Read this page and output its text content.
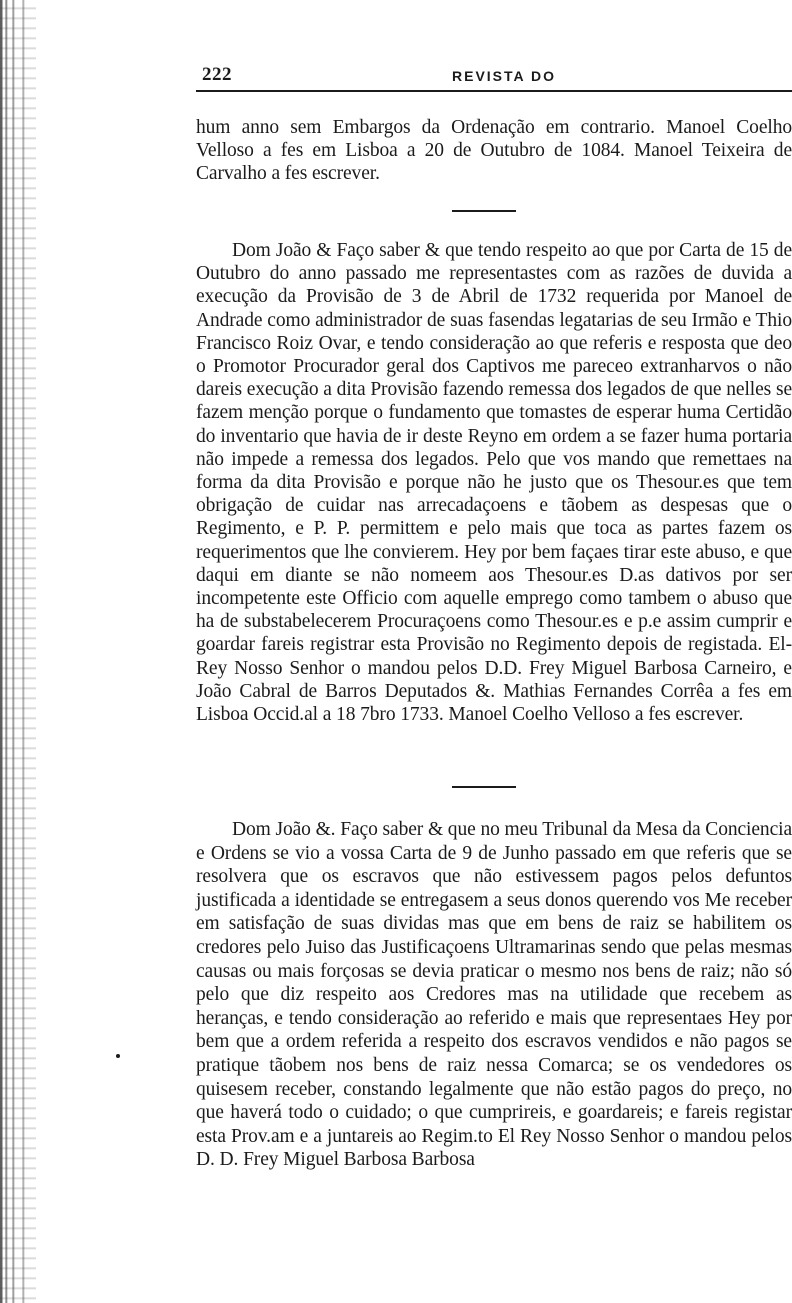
222	REVISTA DO

hum anno sem Embargos da Ordenação em contrario. Manoel Coelho Velloso a fes em Lisboa a 20 de Outubro de 1084. Manoel Teixeira de Carvalho a fes escrever.

Dom João & Faço saber & que tendo respeito ao que por Carta de 15 de Outubro do anno passado me representastes com as razões de duvida a execução da Provisão de 3 de Abril de 1732 requerida por Manoel de Andrade como administrador de suas fasendas legatarias de seu Irmão e Thio Francisco Roiz Ovar, e tendo consideração ao que referis e resposta que deo o Promotor Procurador geral dos Captivos me pareceo extranharvos o não dareis execução a dita Provisão fazendo remessa dos legados de que nelles se fazem menção porque o fundamento que tomastes de esperar huma Certidão do inventario que havia de ir deste Reyno em ordem a se fazer huma portaria não impede a remessa dos legados. Pelo que vos mando que remettaes na forma da dita Provisão e porque não he justo que os Thesour.es que tem obrigação de cuidar nas arrecadaçoens e tãobem as despesas que o Regimento, e P. P. permittem e pelo mais que toca as partes fazem os requerimentos que lhe convierem. Hey por bem façaes tirar este abuso, e que daqui em diante se não nomeem aos Thesour.es D.as dativos por ser incompetente este Officio com aquelle emprego como tambem o abuso que ha de substabelecerem Procuraçoens como Thesour.es e p.e assim cumprir e goardar fareis registrar esta Provisão no Regimento depois de registada. El-Rey Nosso Senhor o mandou pelos D.D. Frey Miguel Barbosa Carneiro, e João Cabral de Barros Deputados &. Mathias Fernandes Corrêa a fes em Lisboa Occid.al a 18 7bro 1733. Manoel Coelho Velloso a fes escrever.

Dom João &. Faço saber & que no meu Tribunal da Mesa da Conciencia e Ordens se vio a vossa Carta de 9 de Junho passado em que referis que se resolvera que os escravos que não estivessem pagos pelos defuntos justificada a identidade se entregasem a seus donos querendo vos Me receber em satisfação de suas dividas mas que em bens de raiz se habilitem os credores pelo Juiso das Justificaçoens Ultramarinas sendo que pelas mesmas causas ou mais forçosas se devia praticar o mesmo nos bens de raiz; não só pelo que diz respeito aos Credores mas na utilidade que recebem as heranças, e tendo consideração ao referido e mais que representaes Hey por bem que a ordem referida a respeito dos escravos vendidos e não pagos se pratique tãobem nos bens de raiz nessa Comarca; se os vendedores os quisesem receber, constando legalmente que não estão pagos do preço, no que haverá todo o cuidado; o que cumprireis, e goardareis; e fareis registar esta Prov.am e a juntareis ao Regim.to El Rey Nosso Senhor o mandou pelos D. D. Frey Miguel Barbosa Barbosa
